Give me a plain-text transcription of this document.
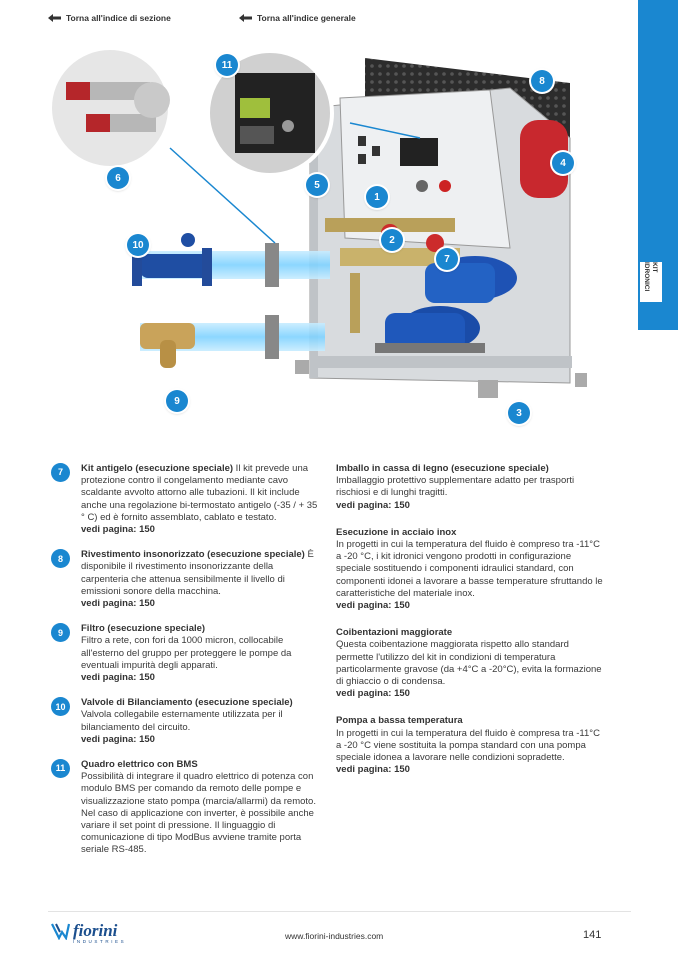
Torna all'indice di sezione	Torna all'indice generale
KIT
IDRONICI
1
2
3
4
5
6
7
8
9
10
11
7	Kit antigelo (esecuzione speciale) Il kit prevede una protezione contro il congelamento mediante cavo scaldante avvolto attorno alle tubazioni. Il kit include anche una regolazione bi-termostato antigelo (-35 / + 35 ° C) ed è fornito assemblato, cablato e testato.
vedi pagina: 150
8	Rivestimento insonorizzato (esecuzione speciale) È disponibile il rivestimento insonorizzante della carpenteria che attenua sensibilmente il livello di emissioni sonore della macchina.
vedi pagina: 150
9	Filtro (esecuzione speciale)
Filtro a rete, con fori da 1000 micron, collocabile all'esterno del gruppo per proteggere le pompe da eventuali impurità degli apparati.
vedi pagina: 150
10	Valvole di Bilanciamento (esecuzione speciale) Valvola collegabile esternamente utilizzata per il bilanciamento del circuito.
vedi pagina: 150
11	Quadro elettrico con BMS
Possibilità di integrare il quadro elettrico di potenza con modulo BMS per comando da remoto delle pompe e visualizzazione stato pompa (marcia/allarmi) da remoto. Nel caso di applicazione con inverter, è possibile anche variare il set point di pressione. Il linguaggio di comunicazione di tipo ModBus avviene tramite porta seriale RS-485.
Imballo in cassa di legno (esecuzione speciale)
Imballaggio protettivo supplementare adatto per trasporti rischiosi e di lunghi tragitti.
vedi pagina: 150
Esecuzione in acciaio inox
In progetti in cui la temperatura del fluido è compreso tra -11°C a -20 °C, i kit idronici vengono prodotti in configurazione speciale sostituendo i componenti idraulici standard, con componenti idonei a lavorare a basse temperature sfruttando le caratteristiche del materiale inox.
vedi pagina: 150
Coibentazioni maggiorate
Questa coibentazione maggiorata rispetto allo standard permette l'utilizzo del kit in condizioni di temperatura particolarmente gravose (da +4°C a -20°C), evita la formazione di ghiaccio o di condensa.
vedi pagina: 150
Pompa a bassa temperatura
In progetti in cui la temperatura del fluido è compresa tra -11°C a -20 °C viene sostituita la pompa standard con una pompa speciale idonea a lavorare nelle condizioni sopradette.
vedi pagina: 150
fiorini
INDUSTRIES
www.fiorini-industries.com	141
